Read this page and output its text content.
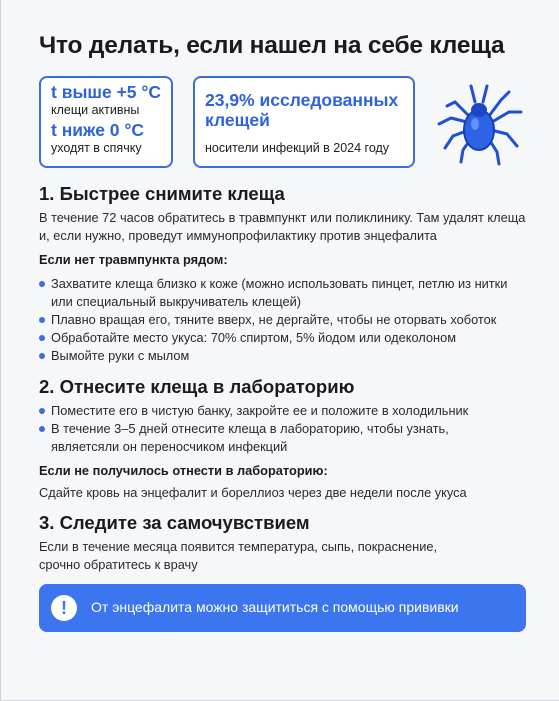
Что делать, если нашел на себе клеща
t выше +5 °C
клещи активны
t ниже 0 °C
уходят в спячку
23,9% исследованных клещей
носители инфекций в 2024 году
1. Быстрее снимите клеща
В течение 72 часов обратитесь в травмпункт или поликлинику. Там удалят клеща и, если нужно, проведут иммунопрофилактику против энцефалита
Если нет травмпункта рядом:
Захватите клеща близко к коже (можно использовать пинцет, петлю из нитки или специальный выкручиватель клещей)
Плавно вращая его, тяните вверх, не дергайте, чтобы не оторвать хоботок
Обработайте место укуса: 70% спиртом, 5% йодом или одеколоном
Вымойте руки с мылом
2. Отнесите клеща в лабораторию
Поместите его в чистую банку, закройте ее и положите в холодильник
В течение 3–5 дней отнесите клеща в лабораторию, чтобы узнать, являетсяли он переносчиком инфекций
Если не получилось отнести в лабораторию:
Сдайте кровь на энцефалит и бореллиоз через две недели после укуса
3. Следите за самочувствием
Если в течение месяца появится температура, сыпь, покраснение, срочно обратитесь к врачу
!	От энцефалита можно защититься с помощью прививки
